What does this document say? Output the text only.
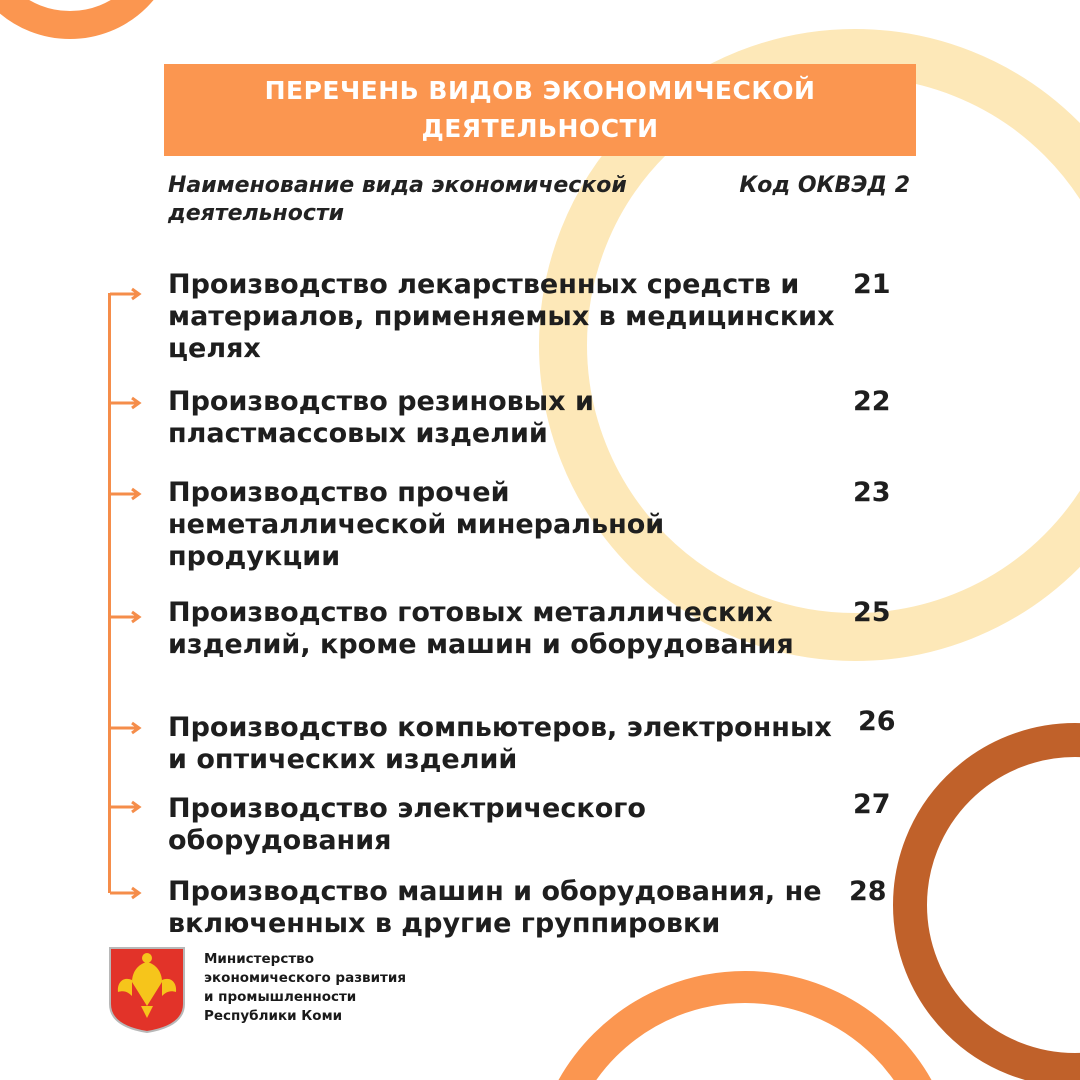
ПЕРЕЧЕНЬ ВИДОВ ЭКОНОМИЧЕСКОЙ ДЕЯТЕЛЬНОСТИ
Наименование вида экономической деятельности
Код ОКВЭД 2
Производство лекарственных средств и материалов, применяемых в медицинских целях
21
Производство резиновых и пластмассовых изделий
22
Производство прочей неметаллической минеральной продукции
23
Производство готовых металлических изделий, кроме машин и оборудования
25
Производство компьютеров, электронных и оптических изделий
26
Производство электрического оборудования
27
Производство машин и оборудования, не включенных в другие группировки
28
Министерство
экономического развития
и промышленности
Республики Коми
